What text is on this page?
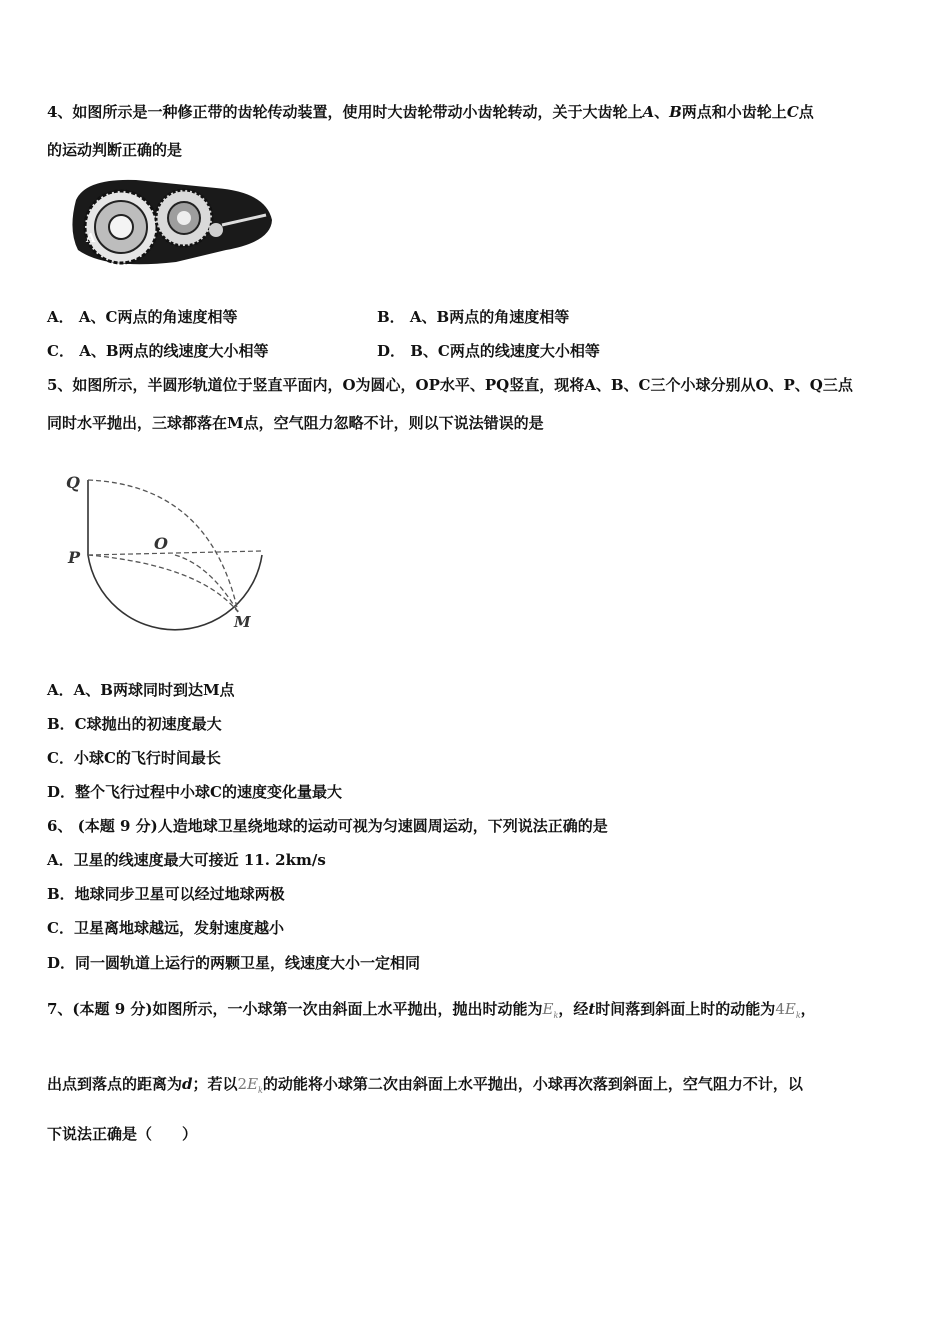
4、如图所示是一种修正带的齿轮传动装置，使用时大齿轮带动小齿轮转动，关于大齿轮上A、B两点和小齿轮上C点
的运动判断正确的是
A
A． A、C两点的角速度相等	B． A、B两点的角速度相等
C． A、B两点的线速度大小相等	D． B、C两点的线速度大小相等
5、如图所示，半圆形轨道位于竖直平面内，O为圆心，OP水平、PQ竖直，现将A、B、C三个小球分别从O、P、Q三点
同时水平抛出，三球都落在M点，空气阻力忽略不计，则以下说法错误的是
Q
P
O
M
A．A、B两球同时到达M点
B．C球抛出的初速度最大
C．小球C的飞行时间最长
D．整个飞行过程中小球C的速度变化量最大
6、 (本题 9 分)人造地球卫星绕地球的运动可视为匀速圆周运动，下列说法正确的是
A．卫星的线速度最大可接近 11. 2km/s
B．地球同步卫星可以经过地球两极
C．卫星离地球越远，发射速度越小
D．同一圆轨道上运行的两颗卫星，线速度大小一定相同
7、(本题 9 分)如图所示，一小球第一次由斜面上水平抛出，抛出时动能为$E_k$，经t时间落到斜面上时的动能为$4E_k$，
出点到落点的距离为d；若以$2E_k$的动能将小球第二次由斜面上水平抛出，小球再次落到斜面上，空气阻力不计，以
下说法正确是（　　）
